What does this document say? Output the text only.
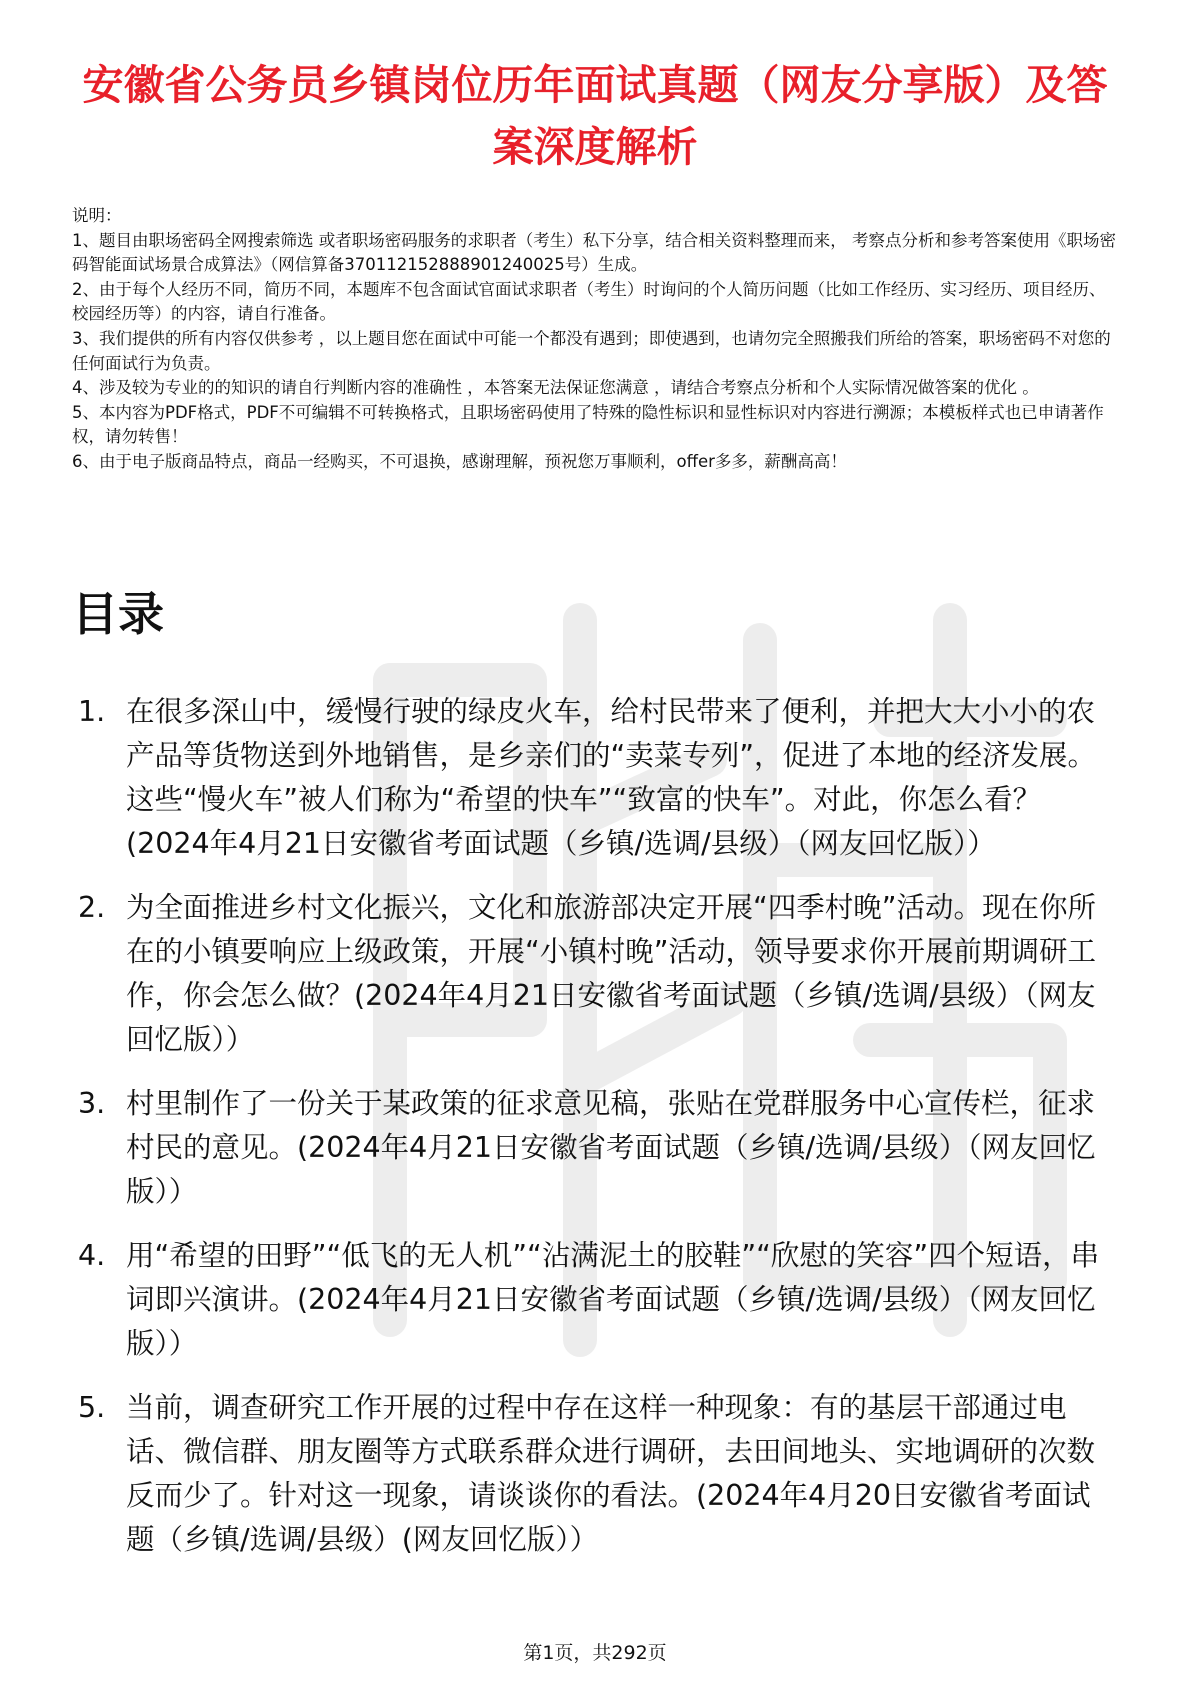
安徽省公务员乡镇岗位历年面试真题（网友分享版）及答案深度解析

说明：

1、题目由职场密码全网搜索筛选 或者职场密码服务的求职者（考生）私下分享，结合相关资料整理而来， 考察点分析和参考答案使用《职场密码智能面试场景合成算法》（网信算备370112152888901240025号）生成。

2、由于每个人经历不同，简历不同，本题库不包含面试官面试求职者（考生）时询问的个人简历问题（比如工作经历、实习经历、项目经历、校园经历等）的内容，请自行准备。

3、我们提供的所有内容仅供参考 ，以上题目您在面试中可能一个都没有遇到；即使遇到，也请勿完全照搬我们所给的答案，职场密码不对您的任何面试行为负责。

4、涉及较为专业的的知识的请自行判断内容的准确性 ，本答案无法保证您满意 ，请结合考察点分析和个人实际情况做答案的优化 。

5、本内容为PDF格式，PDF不可编辑不可转换格式，且职场密码使用了特殊的隐性标识和显性标识对内容进行溯源；本模板样式也已申请著作权，请勿转售！

6、由于电子版商品特点，商品一经购买，不可退换，感谢理解，预祝您万事顺利，offer多多，薪酬高高！

目录
1. 在很多深山中，缓慢行驶的绿皮火车，给村民带来了便利，并把大大小小的农产品等货物送到外地销售，是乡亲们的“卖菜专列”，促进了本地的经济发展。这些“慢火车”被人们称为“希望的快车”“致富的快车”。对此，你怎么看？(2024年4月21日安徽省考面试题（乡镇/选调/县级）（网友回忆版））
2. 为全面推进乡村文化振兴，文化和旅游部决定开展“四季村晚”活动。现在你所在的小镇要响应上级政策，开展“小镇村晚”活动，领导要求你开展前期调研工作，你会怎么做？(2024年4月21日安徽省考面试题（乡镇/选调/县级）（网友回忆版））
3. 村里制作了一份关于某政策的征求意见稿，张贴在党群服务中心宣传栏，征求村民的意见。(2024年4月21日安徽省考面试题（乡镇/选调/县级）（网友回忆版））
4. 用“希望的田野”“低飞的无人机”“沾满泥土的胶鞋”“欣慰的笑容”四个短语，串词即兴演讲。(2024年4月21日安徽省考面试题（乡镇/选调/县级）（网友回忆版））
5. 当前，调查研究工作开展的过程中存在这样一种现象：有的基层干部通过电话、微信群、朋友圈等方式联系群众进行调研，去田间地头、实地调研的次数反而少了。针对这一现象，请谈谈你的看法。(2024年4月20日安徽省考面试题（乡镇/选调/县级）(网友回忆版））
第1页，共292页
